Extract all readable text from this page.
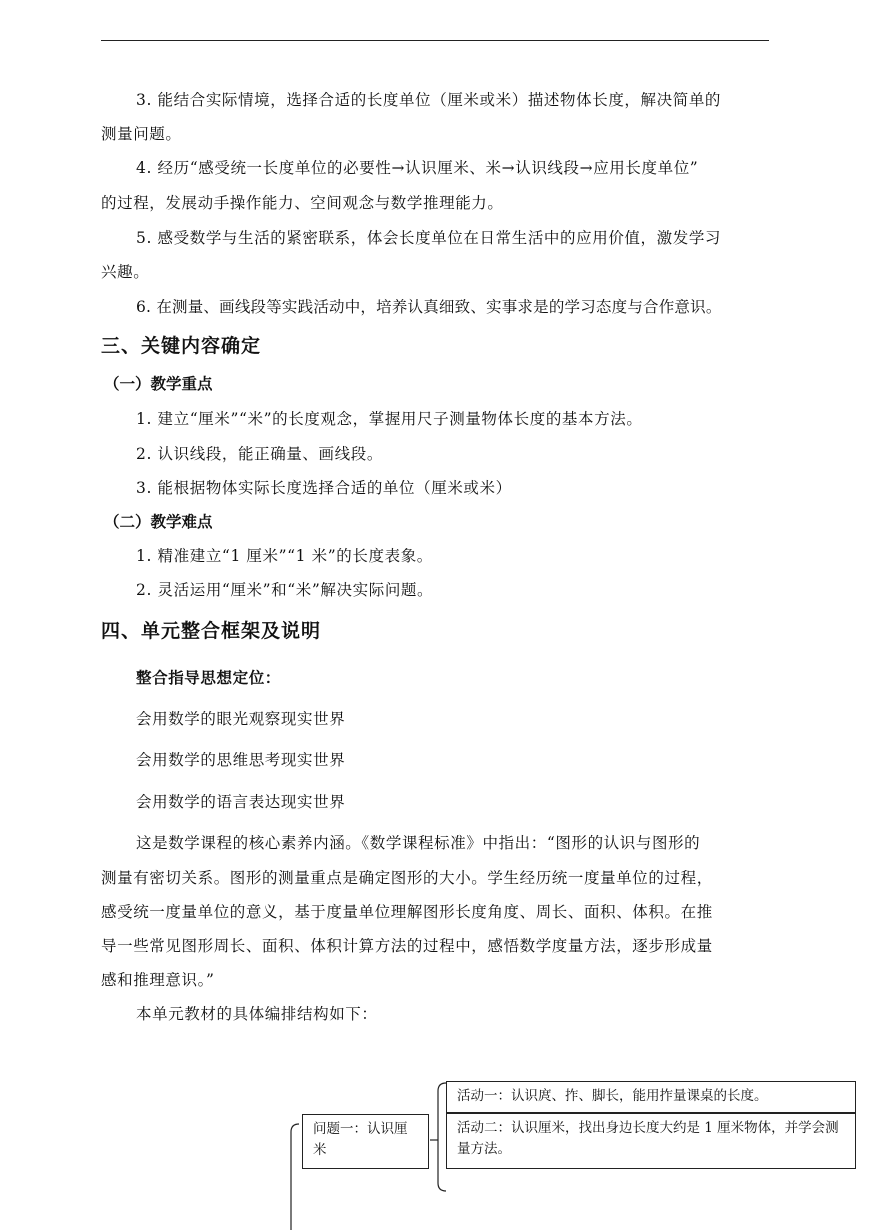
3. 能结合实际情境，选择合适的长度单位（厘米或米）描述物体长度，解决简单的
测量问题。
4. 经历“感受统一长度单位的必要性→认识厘米、米→认识线段→应用长度单位”
的过程，发展动手操作能力、空间观念与数学推理能力。
5. 感受数学与生活的紧密联系，体会长度单位在日常生活中的应用价值，激发学习
兴趣。
6. 在测量、画线段等实践活动中，培养认真细致、实事求是的学习态度与合作意识。
三、关键内容确定
（一）教学重点
1. 建立“厘米”“米”的长度观念，掌握用尺子测量物体长度的基本方法。
2. 认识线段，能正确量、画线段。
3. 能根据物体实际长度选择合适的单位（厘米或米）
（二）教学难点
1. 精准建立“1 厘米”“1 米”的长度表象。
2. 灵活运用“厘米”和“米”解决实际问题。
四、单元整合框架及说明
整合指导思想定位：
会用数学的眼光观察现实世界
会用数学的思维思考现实世界
会用数学的语言表达现实世界
这是数学课程的核心素养内涵。《数学课程标准》中指出：“图形的认识与图形的
测量有密切关系。图形的测量重点是确定图形的大小。学生经历统一度量单位的过程，
感受统一度量单位的意义，基于度量单位理解图形长度角度、周长、面积、体积。在推
导一些常见图形周长、面积、体积计算方法的过程中，感悟数学度量方法，逐步形成量
感和推理意识。”
本单元教材的具体编排结构如下：
问题一：认识厘米
活动一：认识庹、拃、脚长，能用拃量课桌的长度。
活动二：认识厘米，找出身边长度大约是 1 厘米物体，并学会测量方法。
